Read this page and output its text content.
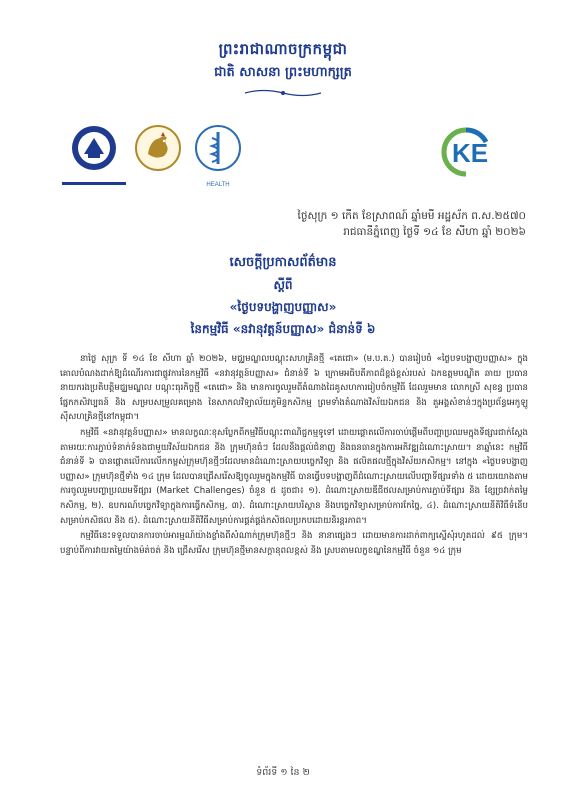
ព្រះរាជាណាចក្រកម្ពុជា
ជាតិ សាសនា ព្រះមហាក្សត្រ
HEALTH
KE
ថ្ងៃសុក្រ ១ កើត ខែស្រាពណ៍ ឆ្នាំមមី អដ្ឋស័ក ព.ស.២៥៧០
រាជធានីភ្នំពេញ ថ្ងៃទី ១៤ ខែ សីហា ឆ្នាំ ២០២៦
សេចក្តីប្រកាសព័ត៌មាន
ស្តីពី
«ថ្ងៃបទបង្ហាញបញ្ញាស»
នៃកម្មវិធី «នវានុវត្តន៍បញ្ញាស» ជំនាន់ទី ៦

នាថ្ងៃ សុក្រ ទី ១៤ ខែ សីហា ឆ្នាំ ២០២៦, មជ្ឈមណ្ឌលបណ្តុះសហគ្រិនថ្មី «តេជោ» (ម.ប.ត.) បានរៀបចំ «ថ្ងៃបទបង្ហាញបញ្ញាស» ក្នុងគោលបំណងដាក់ឱ្យដំណើរការជាផ្លូវការនៃកម្មវិធី «នវានុវត្តន៍បញ្ញាស» ជំនាន់ទី ៦ ក្រោមអធិបតីភាពដ៏ខ្ពង់ខ្ពស់របស់ ឯកឧត្តមបណ្ឌិត ឆាយ ប្រធាន នាយករងប្រតិបត្តិមជ្ឈមណ្ឌល បណ្តុះធុរកិច្ចថ្មី «តេជោ» និង មានការចូលរួមពីតំណាងដៃគូសហការរៀបចំកម្មវិធី ដែលរួមមាន លោកស្រី សុខន្ធ ប្រធានផ្នែកកសិវប្បធន៍ និង សម្របសម្រួលគម្រោង នៃសាកលវិទ្យាល័យភូមិន្ទកសិកម្ម ព្រមទាំងតំណាងវិស័យឯកជន និង តួអង្គសំខាន់ៗក្នុងប្រព័ន្ធអេកូឡូស៊ីសហគ្រិនថ្មីនៅកម្ពុជា។

កម្មវិធី «នវានុវត្តន៍បញ្ញាស» មានលក្ខណៈខុសប្លែកពីកម្មវិធីបណ្តុះពាណិជ្ជកម្មទូទៅ ដោយផ្តោតលើការចាប់ផ្តើមពីបញ្ហាប្រឈមក្នុងទីផ្សារជាក់ស្តែង តាមរយៈការភ្ជាប់ទំនាក់ទំនងជាមួយវិស័យឯកជន និង ក្រុមហ៊ុនធំៗ ដែលនឹងផ្តល់ជំនាញ និងធនធានក្នុងការអភិវឌ្ឍដំណោះស្រាយ។ នាឆ្នាំនេះ កម្មវិធីជំនាន់ទី ៦ បានផ្តោតលើការលើកកម្ពស់ក្រុមហ៊ុនថ្មីៗដែលមានដំណោះស្រាយបច្ចេកវិទ្យា និង ផលិតផលថ្មីក្នុងវិស័យកសិកម្ម។ នៅក្នុង «ថ្ងៃបទបង្ហាញបញ្ញាស» ក្រុមហ៊ុនថ្មីទាំង ១៤ ក្រុម ដែលបានជ្រើសរើសឱ្យចូលរួមក្នុងកម្មវិធី បានធ្វើបទបង្ហាញពីដំណោះស្រាយលើបញ្ហាទីផ្សារទាំង ៥ ដោយយោងតាមការចូលរួមបញ្ហាប្រឈមទីផ្សារ (Market Challenges) ចំនួន ៥ ដូចជា៖ ១). ដំណោះស្រាយឌីជីថលសម្រាប់ការភ្ជាប់ទីផ្សារ និង ខ្សែច្រវាក់តម្លៃកសិកម្ម, ២). ឧបករណ៍បច្ចេកវិទ្យាក្នុងការធ្វើកសិកម្ម, ៣). ដំណោះស្រាយបរិស្ថាន និងបច្ចេកវិទ្យាសម្រាប់ការកែច្នៃ, ៤). ដំណោះស្រាយនីតិវិធីទំនើបសម្រាប់កសិផល និង ៥). ដំណោះស្រាយនីតិវិធីសម្រាប់ការផ្គត់ផ្គង់កសិផលប្រកបដោយនិរន្តរភាព។

កម្មវិធីនេះទទួលបានការចាប់អារម្មណ៍យ៉ាងខ្លាំងពីសំណាក់ក្រុមហ៊ុនថ្មីៗ និង នានាផ្សេងៗ ដោយមានការដាក់ពាក្យស្នើសុំរហូតដល់ ៩៥ ក្រុម។ បន្ទាប់ពីការវាយតម្លៃយ៉ាងម៉ត់ចត់ និង ជ្រើសរើស ក្រុមហ៊ុនថ្មីមានសក្តានុពលខ្ពស់ និង ស្របតាមលក្ខខណ្ឌនៃកម្មវិធី ចំនួន ១៤ ក្រុម

ទំព័រទី ១ នៃ ២
